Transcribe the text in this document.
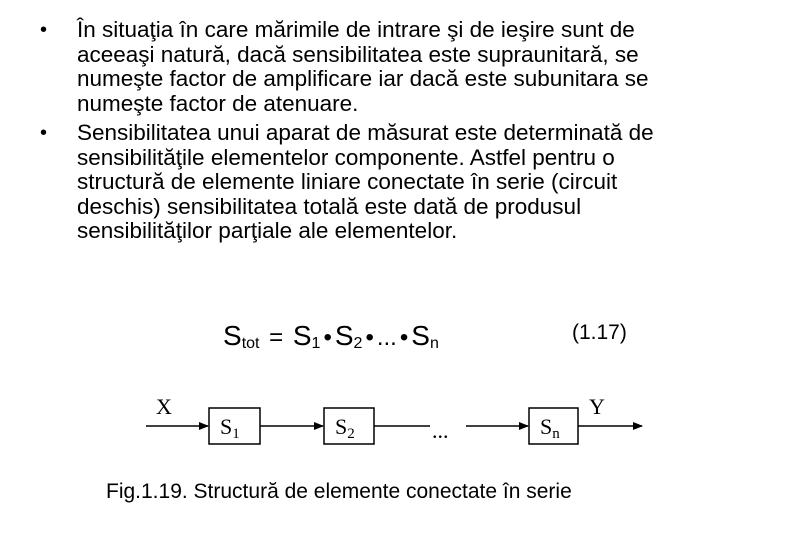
• În situaţia în care mărimile de intrare şi de ieşire sunt de
aceeaşi natură, dacă sensibilitatea este supraunitară, se
numeşte factor de amplificare iar dacă este subunitara se
numeşte factor de atenuare.
• Sensibilitatea unui aparat de măsurat este determinată de
sensibilităţile elementelor componente. Astfel pentru o
structură de elemente liniare conectate în serie (circuit
deschis) sensibilitatea totală este dată de produsul
sensibilităţilor parţiale ale elementelor.
$S_{tot} = S_1$ • $S_2$ • ... • $S_n$	(1.17)
X	Y
S1	S2	Sn
...
Fig.1.19. Structură de elemente conectate în serie
